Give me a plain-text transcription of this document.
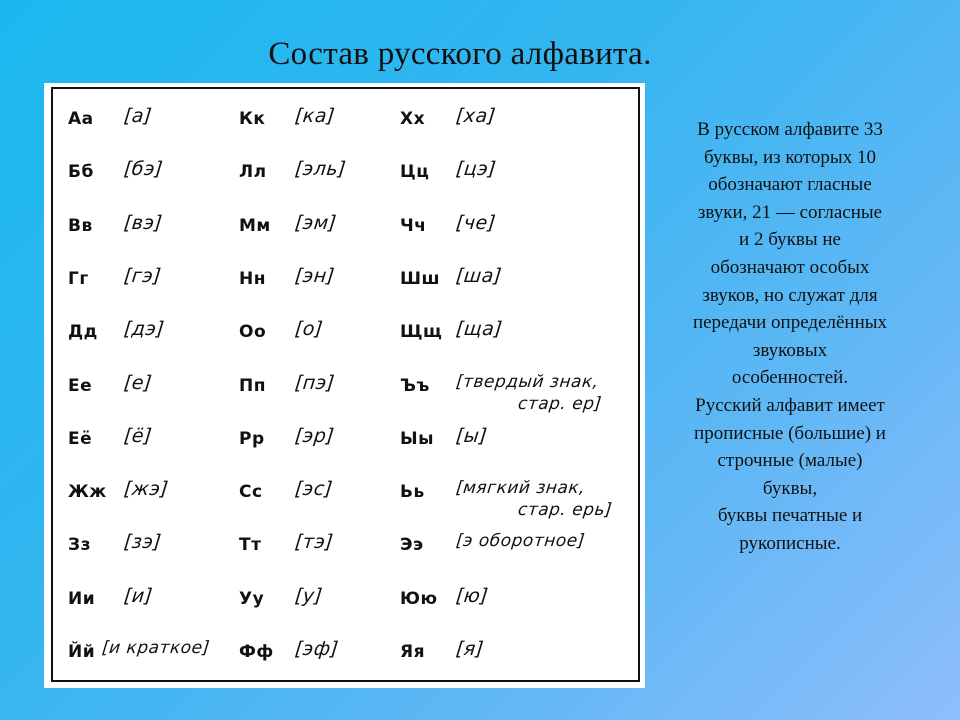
Состав русского алфавита.
Аа [а]
Бб [бэ]
Вв [вэ]
Гг [гэ]
Дд [дэ]
Ее [е]
Её [ё]
Жж [жэ]
Зз [зэ]
Ии [и]
Йй [и краткое]
Кк [ка]
Лл [эль]
Мм [эм]
Нн [эн]
Оо [о]
Пп [пэ]
Рр [эр]
Сс [эс]
Тт [тэ]
Уу [у]
Фф [эф]
Хх [ха]
Цц [цэ]
Чч [че]
Шш [ша]
Щщ [ща]
Ъъ [твердый знак,
стар. ер]
Ыы [ы]
Ьь [мягкий знак,
стар. ерь]
Ээ [э оборотное]
Юю [ю]
Яя [я]
В русском алфавите 33
буквы, из которых 10
обозначают гласные
звуки, 21 — согласные
и 2 буквы не
обозначают особых
звуков, но служат для
передачи определённых
звуковых
особенностей.
Русский алфавит имеет
прописные (большие) и
строчные (малые)
буквы,
буквы печатные и
рукописные.
